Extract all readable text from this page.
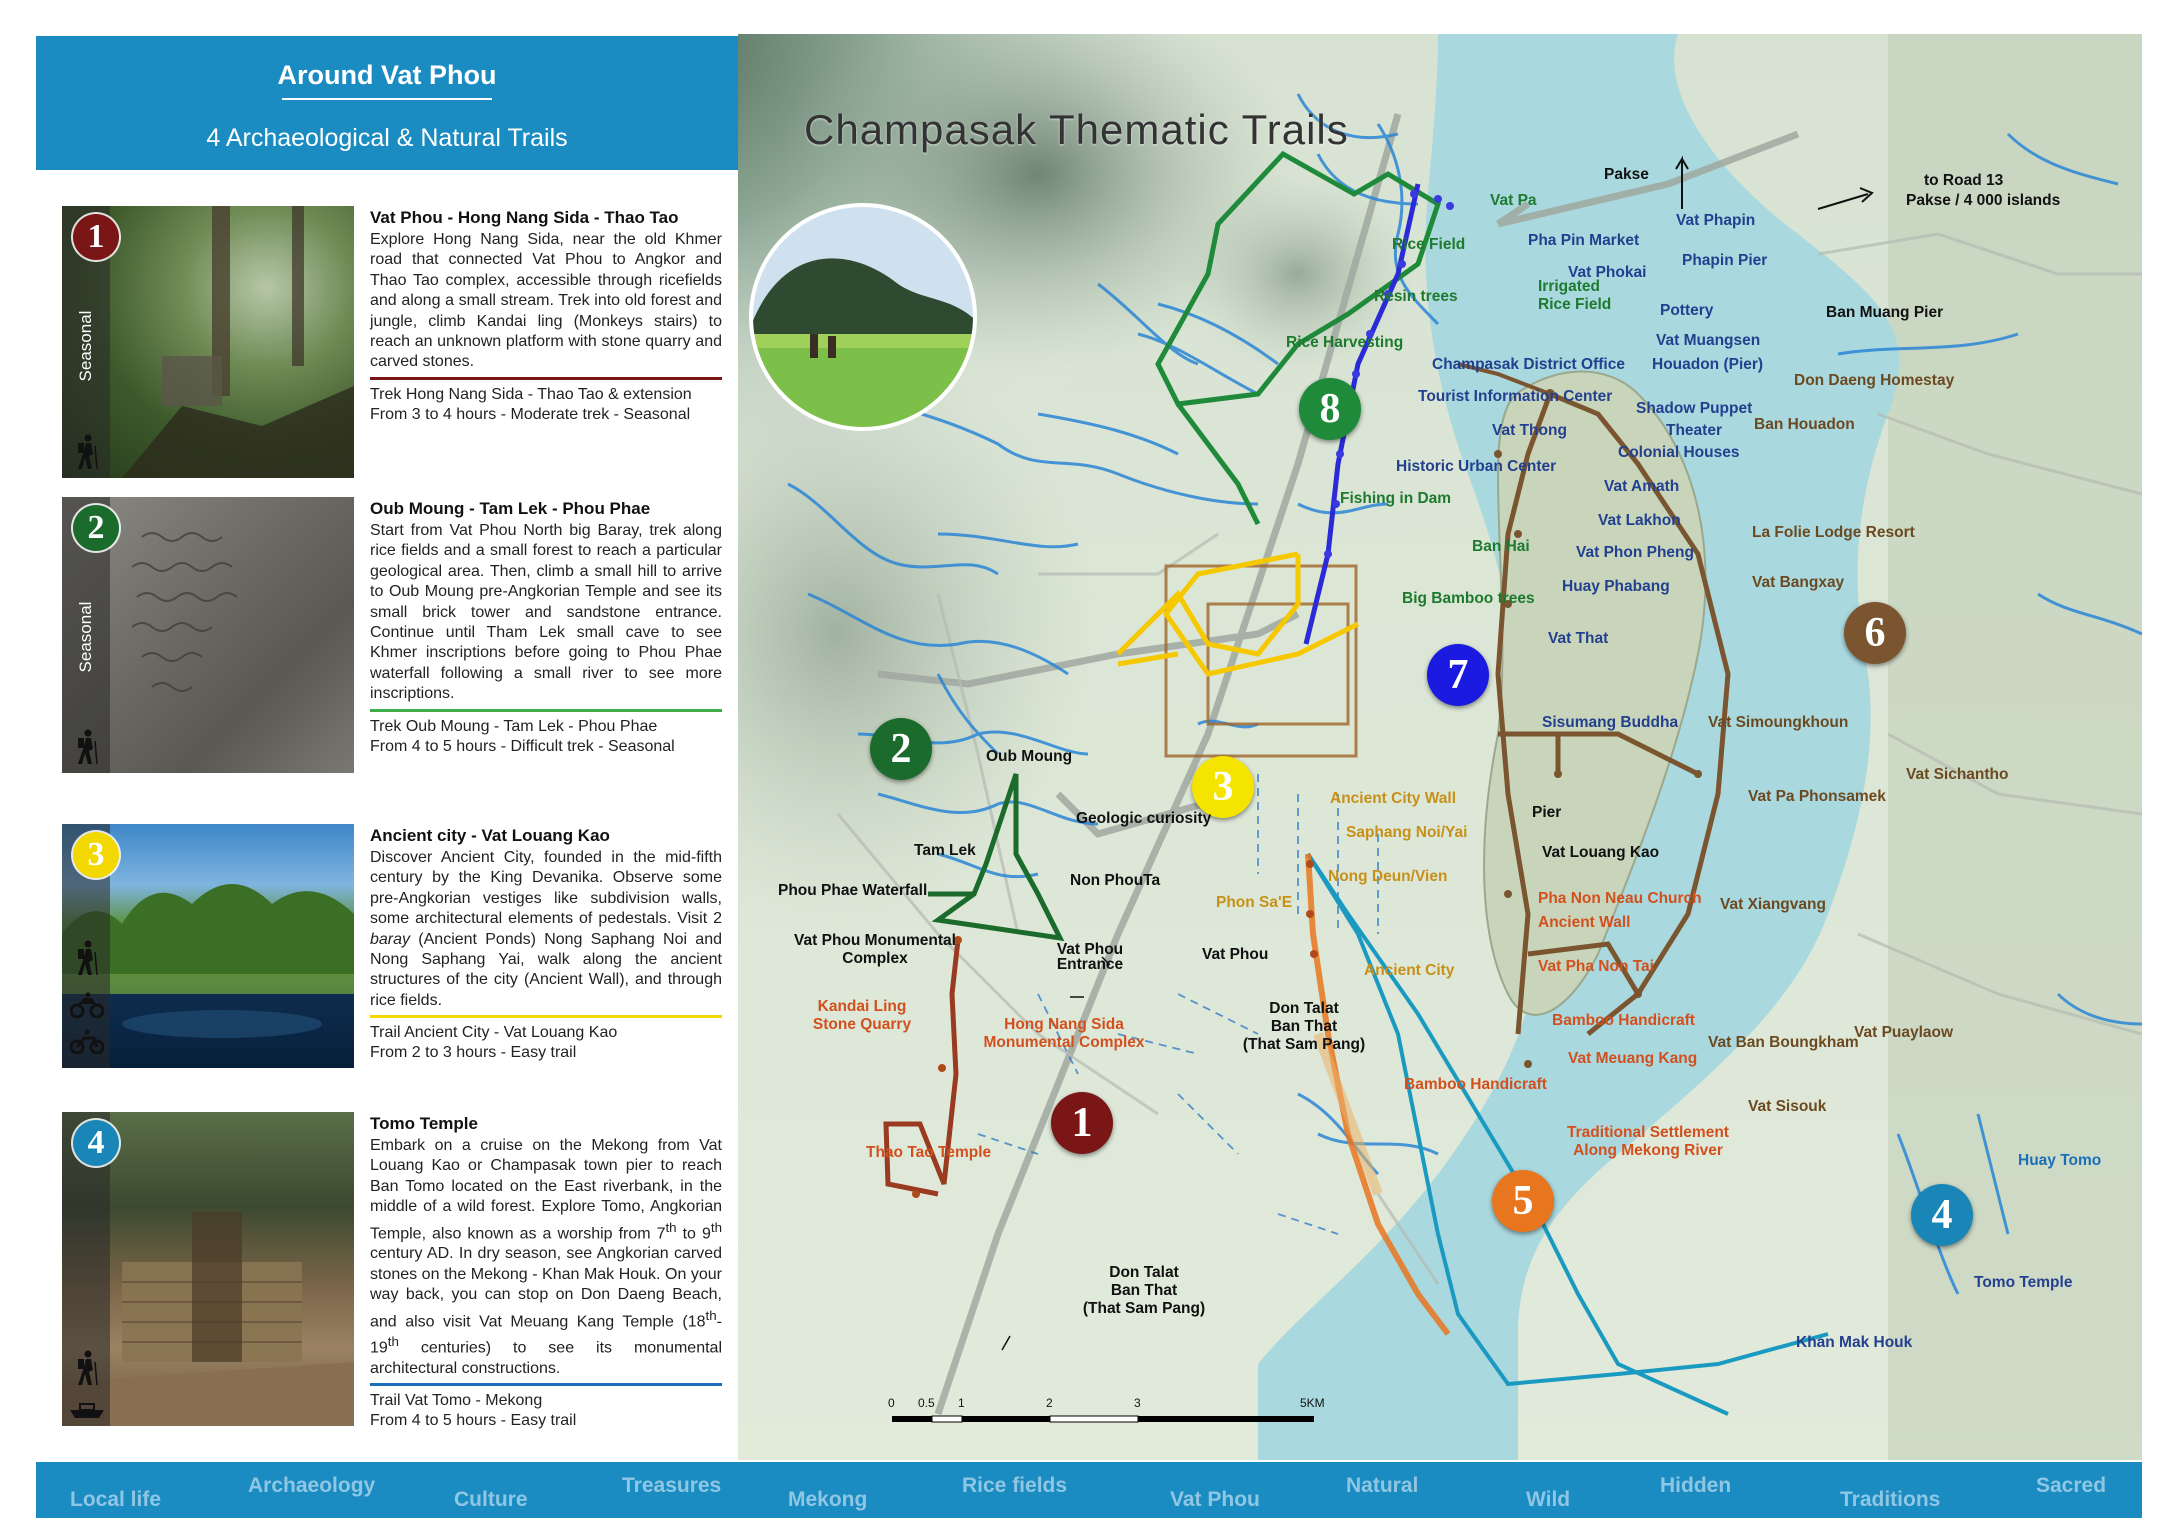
Around Vat Phou
4 Archaeological & Natural Trails
1
Seasonal
Vat Phou - Hong Nang Sida - Thao Tao
Explore Hong Nang Sida, near the old Khmer road that connected Vat Phou to Angkor and Thao Tao complex, accessible through ricefields and along a small stream. Trek into old forest and jungle, climb Kandai ling (Monkeys stairs) to reach an unknown platform with stone quarry and carved stones.
Trek Hong Nang Sida - Thao Tao & extension
From 3 to 4 hours - Moderate trek - Seasonal
2
Seasonal
Oub Moung - Tam Lek - Phou Phae
Start from Vat Phou North big Baray, trek along rice fields and a small forest to reach a particular geological area. Then, climb a small hill to arrive to Oub Moung pre-Angkorian Temple and see its small brick tower and sandstone entrance. Continue until Tham Lek small cave to see Khmer inscriptions before going to Phou Phae waterfall following a small river to see more inscriptions.
Trek Oub Moung - Tam Lek - Phou Phae
From 4 to 5 hours - Difficult trek - Seasonal
3
Ancient city - Vat Louang Kao
Discover Ancient City, founded in the mid-fifth century by the King Devanika. Observe some pre-Angkorian vestiges like subdivision walls, some architectural elements of pedestals. Visit 2 baray (Ancient Ponds) Nong Saphang Noi and Nong Saphang Yai, walk along the ancient structures of the city (Ancient Wall), and through rice fields.
Trail Ancient City - Vat Louang Kao
From 2 to 3 hours - Easy trail
4
Tomo Temple
Embark on a cruise on the Mekong from Vat Louang Kao or Champasak town pier to reach Ban Tomo located on the East riverbank, in the middle of a wild forest. Explore Tomo, Angkorian Temple, also known as a worship from 7th to 9th century AD. In dry season, see Angkorian carved stones on the Mekong - Khan Mak Houk. On your way back, you can stop on Don Daeng Beach, and also visit Vat Meuang Kang Temple (18th-19th centuries) to see its monumental architectural constructions.
Trail Vat Tomo - Mekong
From 4 to 5 hours - Easy trail
Champasak Thematic Trails
1
2
3
4
5
6
7
8
Pakse	to Road 13
Pakse / 4 000 islands
Vat Pa
Rice Field	Pha Pin Market
Vat Phapin
Phapin Pier
Irrigated
Rice Field
Vat Phokai
Resin trees
Pottery	Ban Muang Pier
Rice Harvesting	Vat Muangsen
Champasak District Office Houadon (Pier)
Don Daeng Homestay
Tourist Information Center
Shadow Puppet
Theater
Vat Thong	Ban Houadon
Colonial Houses
Historic Urban Center
Vat Amath
Fishing in Dam
Vat Lakhon
La Folie Lodge Resort
Ban Hai	Vat Phon Pheng
Vat Bangxay
Huay Phabang
Big Bamboo trees
Vat That
Sisumang Buddha Vat Simoungkhoun
Oub Moung
Ancient City Wall
Vat Sichantho
Vat Pa Phonsamek
Geologic curiosity	Pier
Saphang Noi/Yai
Vat Louang Kao
Tam Lek
Nong Deun/Vien
Non PhouTa
Phou Phae Waterfall	Pha Non Neau Church
Phon Sa'E	Vat Xiangvang
Ancient Wall
Vat Phou Monumental
Complex
Vat Phou
Entrance
Vat Phou
Ancient City	Vat Pha Non Tai
Kandai Ling
Stone Quarry
Don Talat
Ban That
(That Sam Pang)
Bamboo Handicraft
Vat Puaylaow
Hong Nang Sida
Monumental Complex	Vat Ban Boungkham
Vat Meuang Kang
Bamboo Handicraft
Vat Sisouk
Traditional Settlement
Along Mekong River
Thao Tao Temple	Huay Tomo
Don Talat
Ban That
(That Sam Pang)
Tomo Temple
Khan Mak Houk
0 0.5 1	2	3	5KM
Local life
Archaeology
Culture
Treasures
Mekong
Rice fields
Vat Phou
Natural
Wild
Hidden
Traditions
Sacred
